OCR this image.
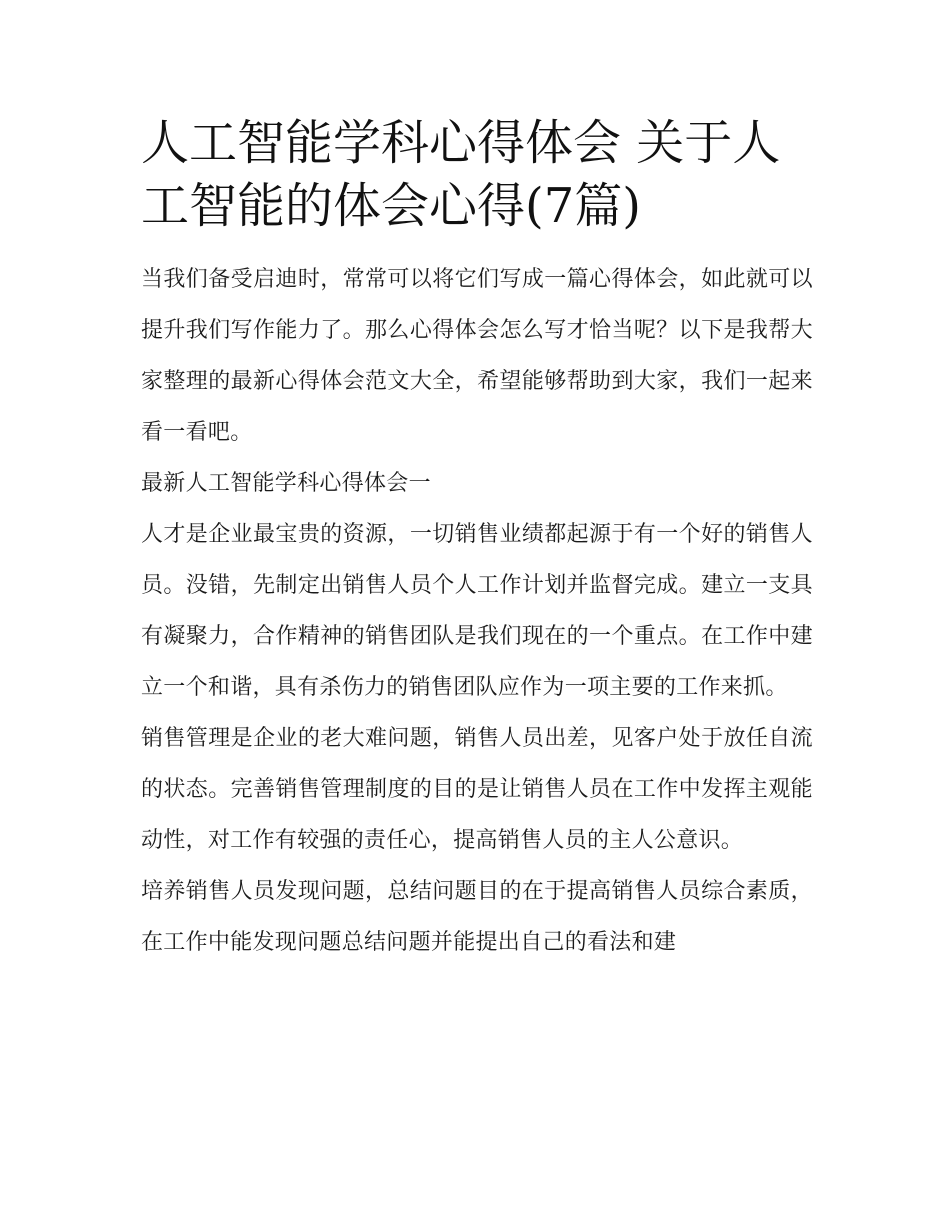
人工智能学科心得体会 关于人工智能的体会心得(7篇)

当我们备受启迪时，常常可以将它们写成一篇心得体会，如此就可以提升我们写作能力了。那么心得体会怎么写才恰当呢？以下是我帮大家整理的最新心得体会范文大全，希望能够帮助到大家，我们一起来看一看吧。

最新人工智能学科心得体会一

人才是企业最宝贵的资源，一切销售业绩都起源于有一个好的销售人员。没错，先制定出销售人员个人工作计划并监督完成。建立一支具有凝聚力，合作精神的销售团队是我们现在的一个重点。在工作中建立一个和谐，具有杀伤力的销售团队应作为一项主要的工作来抓。

销售管理是企业的老大难问题，销售人员出差，见客户处于放任自流的状态。完善销售管理制度的目的是让销售人员在工作中发挥主观能动性，对工作有较强的责任心，提高销售人员的主人公意识。

培养销售人员发现问题，总结问题目的在于提高销售人员综合素质，在工作中能发现问题总结问题并能提出自己的看法和建
